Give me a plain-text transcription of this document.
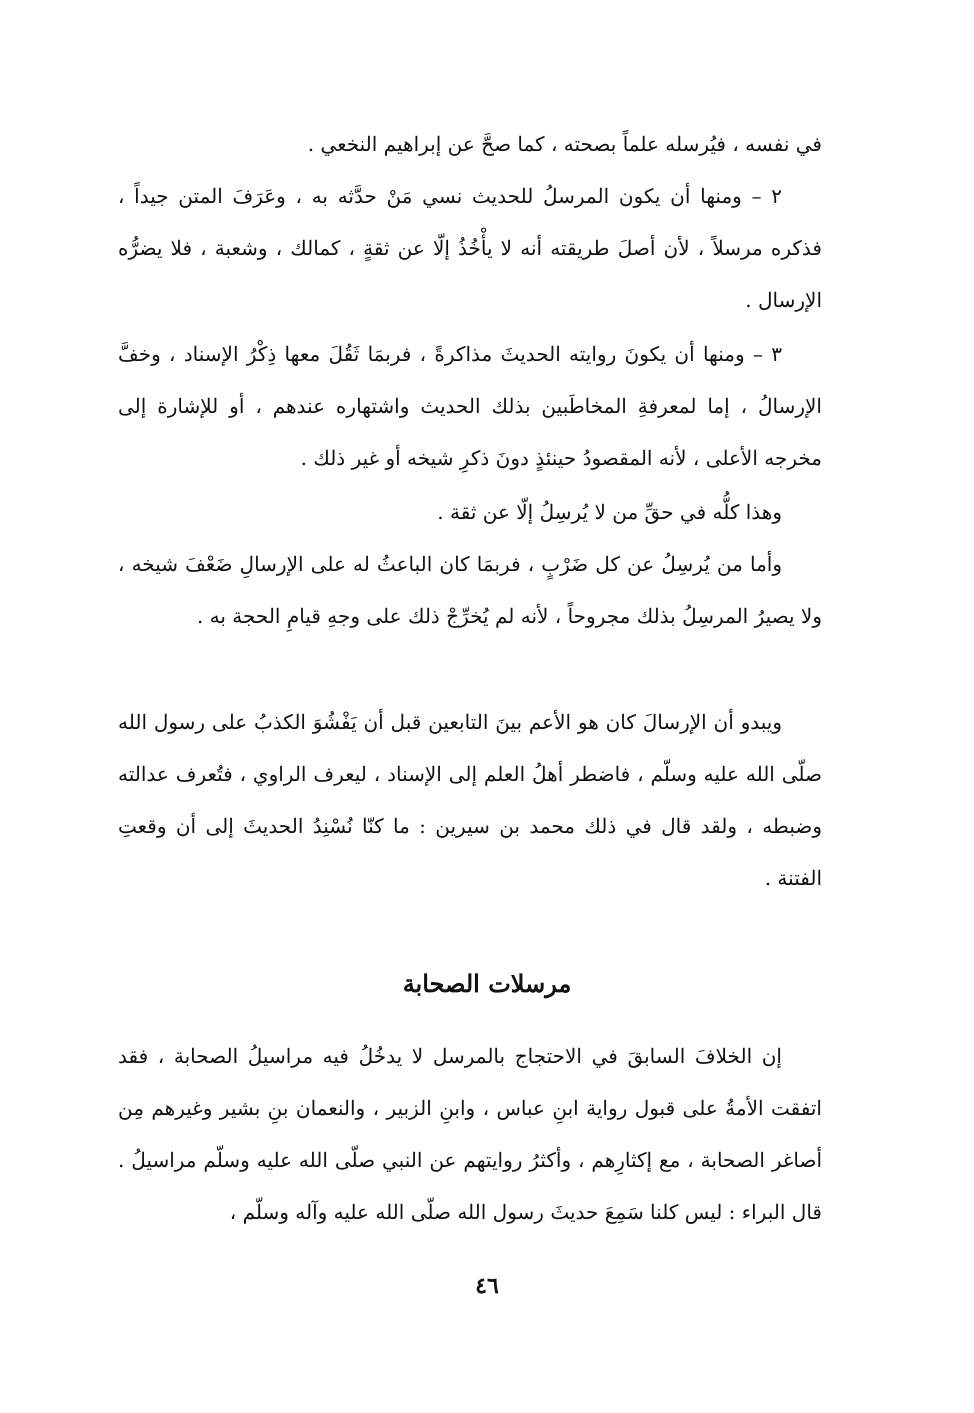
في نفسه ، فيُرسله علماً بصحته ، كما صحَّ عن إبراهيم النخعي .

٢ – ومنها أن يكون المرسلُ للحديث نسي مَنْ حدَّثه به ، وعَرَفَ المتن جيداً ، فذكره مرسلاً ، لأن أصلَ طريقته أنه لا يأْخُذُ إلّا عن ثقةٍ ، كمالك ، وشعبة ، فلا يضرُّه الإرسال .

٣ – ومنها أن يكونَ روايته الحديثَ مذاكرةً ، فربمَا ثَقُلَ معها ذِكْرُ الإسناد ، وخفَّ الإرسالُ ، إما لمعرفةِ المخاطَبين بذلك الحديث واشتهاره عندهم ، أو للإشارة إلى مخرجه الأعلى ، لأنه المقصودُ حينئذٍ دونَ ذكرِ شيخه أو غير ذلك .

وهذا كلُّه في حقِّ من لا يُرسِلُ إلّا عن ثقة .

وأما من يُرسِلُ عن كل ضَرْبٍ ، فربمَا كان الباعثُ له على الإرسالِ ضَعْفَ شيخه ، ولا يصيرُ المرسِلُ بذلك مجروحاً ، لأنه لم يُخرِّجْ ذلك على وجهِ قيامِ الحجة به .

ويبدو أن الإرسالَ كان هو الأعم بينَ التابعين قبل أن يَفْشُوَ الكذبُ على رسول الله صلّى الله عليه وسلّم ، فاضطر أهلُ العلم إلى الإسناد ، ليعرف الراوي ، فتُعرف عدالته وضبطه ، ولقد قال في ذلك محمد بن سيرين : ما كنّا نُسْنِدُ الحديثَ إلى أن وقعتِ الفتنة .

مرسلات الصحابة

إن الخلافَ السابقَ في الاحتجاج بالمرسل لا يدخُلُ فيه مراسيلُ الصحابة ، فقد اتفقت الأمةُ على قبول رواية ابنِ عباس ، وابنِ الزبير ، والنعمان بنِ بشير وغيرهم مِن أصاغر الصحابة ، مع إكثارِهم ، وأكثرُ روايتهم عن النبي صلّى الله عليه وسلّم مراسيلُ . قال البراء : ليس كلنا سَمِعَ حديثَ رسول الله صلّى الله عليه وآله وسلّم ،

٤٦
